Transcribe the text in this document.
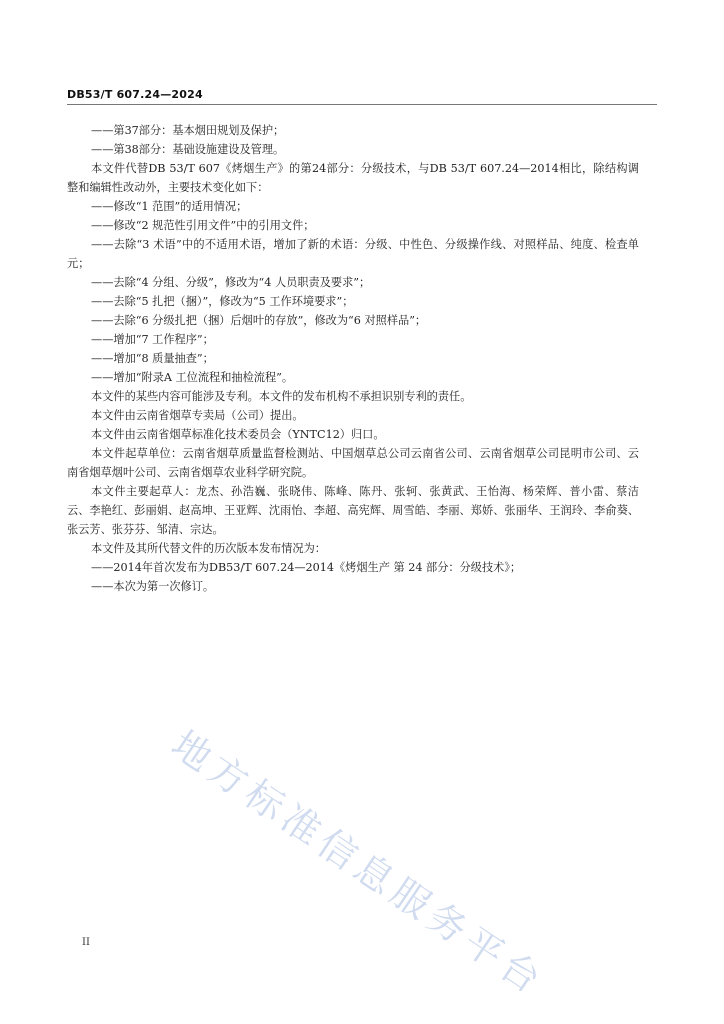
DB53/T 607.24—2024

——第37部分：基本烟田规划及保护；

——第38部分：基础设施建设及管理。

本文件代替DB 53/T 607《烤烟生产》的第24部分：分级技术，与DB 53/T 607.24—2014相比，除结构调整和编辑性改动外，主要技术变化如下：

——修改“1 范围”的适用情况；

——修改“2 规范性引用文件”中的引用文件；

——去除“3 术语”中的不适用术语，增加了新的术语：分级、中性色、分级操作线、对照样品、纯度、检查单元；

——去除“4 分组、分级”，修改为“4 人员职责及要求”；

——去除“5 扎把（捆）”，修改为“5 工作环境要求”；

——去除“6 分级扎把（捆）后烟叶的存放”，修改为“6 对照样品”；

——增加“7 工作程序”；

——增加“8 质量抽查”；

——增加“附录A 工位流程和抽检流程”。

本文件的某些内容可能涉及专利。本文件的发布机构不承担识别专利的责任。

本文件由云南省烟草专卖局（公司）提出。

本文件由云南省烟草标准化技术委员会（YNTC12）归口。

本文件起草单位：云南省烟草质量监督检测站、中国烟草总公司云南省公司、云南省烟草公司昆明市公司、云南省烟草烟叶公司、云南省烟草农业科学研究院。

本文件主要起草人：龙杰、孙浩巍、张晓伟、陈峰、陈丹、张轲、张黄武、王怡海、杨荣辉、普小雷、蔡洁云、李艳红、彭丽娟、赵高坤、王亚辉、沈雨怡、李超、高宪辉、周雪皓、李丽、郑娇、张丽华、王润玲、李俞葵、张云芳、张芬芬、邹清、宗达。

本文件及其所代替文件的历次版本发布情况为：

——2014年首次发布为DB53/T 607.24—2014《烤烟生产 第 24 部分：分级技术》；

——本次为第一次修订。

地方标准信息服务平台
II
